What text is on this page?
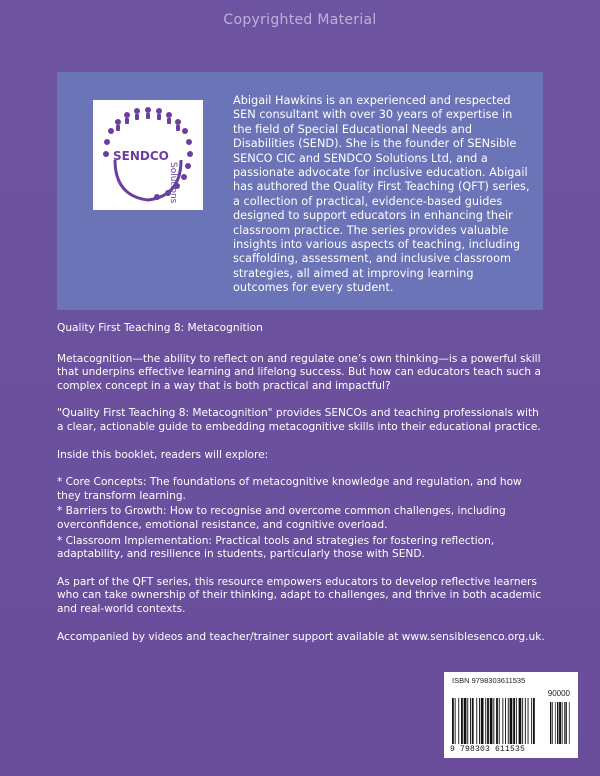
Copyrighted Material
SENDCO
Solutions
Abigail Hawkins is an experienced and respected SEN consultant with over 30 years of expertise in the field of Special Educational Needs and Disabilities (SEND). She is the founder of SENsible SENCO CIC and SENDCO Solutions Ltd, and a passionate advocate for inclusive education. Abigail has authored the Quality First Teaching (QFT) series, a collection of practical, evidence-based guides designed to support educators in enhancing their classroom practice. The series provides valuable insights into various aspects of teaching, including scaffolding, assessment, and inclusive classroom strategies, all aimed at improving learning outcomes for every student.

Quality First Teaching 8: Metacognition

Metacognition—the ability to reflect on and regulate one’s own thinking—is a powerful skill that underpins effective learning and lifelong success. But how can educators teach such a complex concept in a way that is both practical and impactful?

"Quality First Teaching 8: Metacognition" provides SENCOs and teaching professionals with a clear, actionable guide to embedding metacognitive skills into their educational practice.

Inside this booklet, readers will explore:

* Core Concepts: The foundations of metacognitive knowledge and regulation, and how they transform learning.

* Barriers to Growth: How to recognise and overcome common challenges, including overconfidence, emotional resistance, and cognitive overload.

* Classroom Implementation: Practical tools and strategies for fostering reflection, adaptability, and resilience in students, particularly those with SEND.

As part of the QFT series, this resource empowers educators to develop reflective learners who can take ownership of their thinking, adapt to challenges, and thrive in both academic and real-world contexts.

Accompanied by videos and teacher/trainer support available at www.sensiblesenco.org.uk.

ISBN 9798303611535
90000
9 798303 611535
